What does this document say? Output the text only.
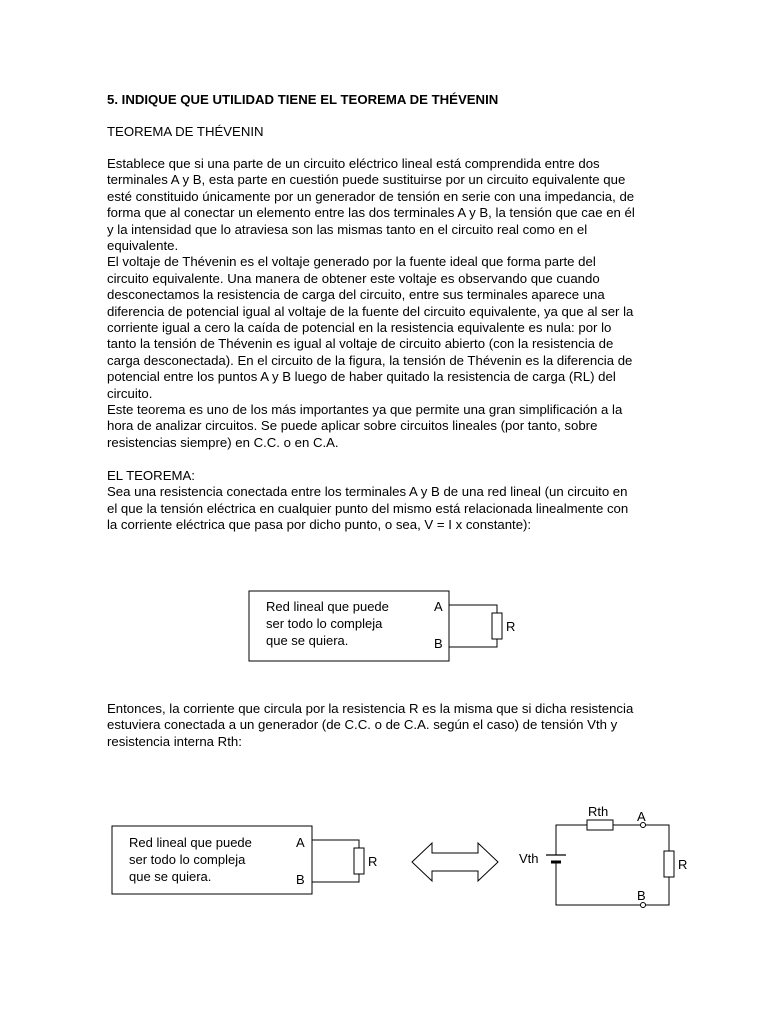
5. INDIQUE QUE UTILIDAD TIENE EL TEOREMA DE THÉVENIN

TEOREMA DE THÉVENIN

Establece que si una parte de un circuito eléctrico lineal está comprendida entre dos

terminales A y B, esta parte en cuestión puede sustituirse por un circuito equivalente que

esté constituido únicamente por un generador de tensión en serie con una impedancia, de

forma que al conectar un elemento entre las dos terminales A y B, la tensión que cae en él

y la intensidad que lo atraviesa son las mismas tanto en el circuito real como en el

equivalente.

El voltaje de Thévenin es el voltaje generado por la fuente ideal que forma parte del

circuito equivalente. Una manera de obtener este voltaje es observando que cuando

desconectamos la resistencia de carga del circuito, entre sus terminales aparece una

diferencia de potencial igual al voltaje de la fuente del circuito equivalente, ya que al ser la

corriente igual a cero la caída de potencial en la resistencia equivalente es nula: por lo

tanto la tensión de Thévenin es igual al voltaje de circuito abierto (con la resistencia de

carga desconectada). En el circuito de la figura, la tensión de Thévenin es la diferencia de

potencial entre los puntos A y B luego de haber quitado la resistencia de carga (RL) del

circuito.

Este teorema es uno de los más importantes ya que permite una gran simplificación a la

hora de analizar circuitos. Se puede aplicar sobre circuitos lineales (por tanto, sobre

resistencias siempre) en C.C. o en C.A.

EL TEOREMA:

Sea una resistencia conectada entre los terminales A y B de una red lineal (un circuito en

el que la tensión eléctrica en cualquier punto del mismo está relacionada linealmente con

la corriente eléctrica que pasa por dicho punto, o sea, V = I x constante):

Red lineal que puede
ser todo lo compleja
que se quiera.
A
B
R

Entonces, la corriente que circula por la resistencia R es la misma que si dicha resistencia

estuviera conectada a un generador (de C.C. o de C.A. según el caso) de tensión Vth y

resistencia interna Rth:

Red lineal que puede
ser todo lo compleja
que se quiera.
A
B
R
Rth A
R
B
Vth
